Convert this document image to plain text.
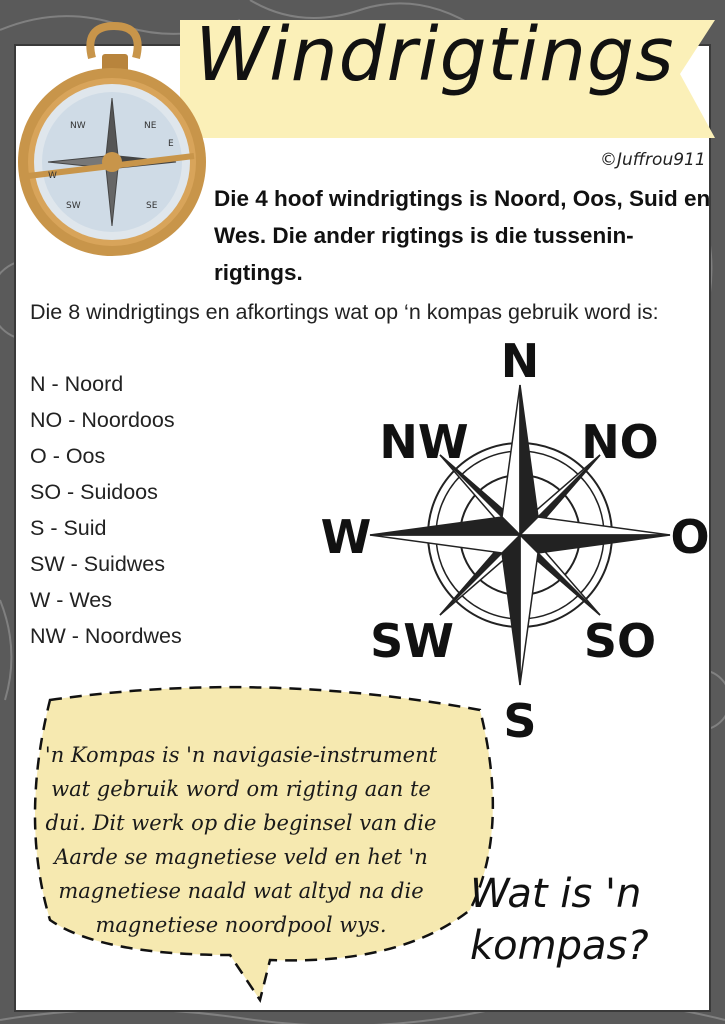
Windrigtings
NW	NE
W
E
SW	SE
©Juffrou911
Die 4 hoof windrigtings is Noord, Oos, Suid en Wes. Die ander rigtings is die tussenin-rigtings.
Die 8 windrigtings en afkortings wat op ‘n kompas gebruik word is:
N - Noord
NO - Noordoos
O - Oos
SO - Suidoos
S - Suid
SW - Suidwes
W - Wes
NW - Noordwes
N
NW NO
W	O
SW	SO
S
'n Kompas is 'n navigasie-instrument wat gebruik word om rigting aan te dui. Dit werk op die beginsel van die Aarde se magnetiese veld en het 'n magnetiese naald wat altyd na die magnetiese noordpool wys.
Wat is 'n kompas?
